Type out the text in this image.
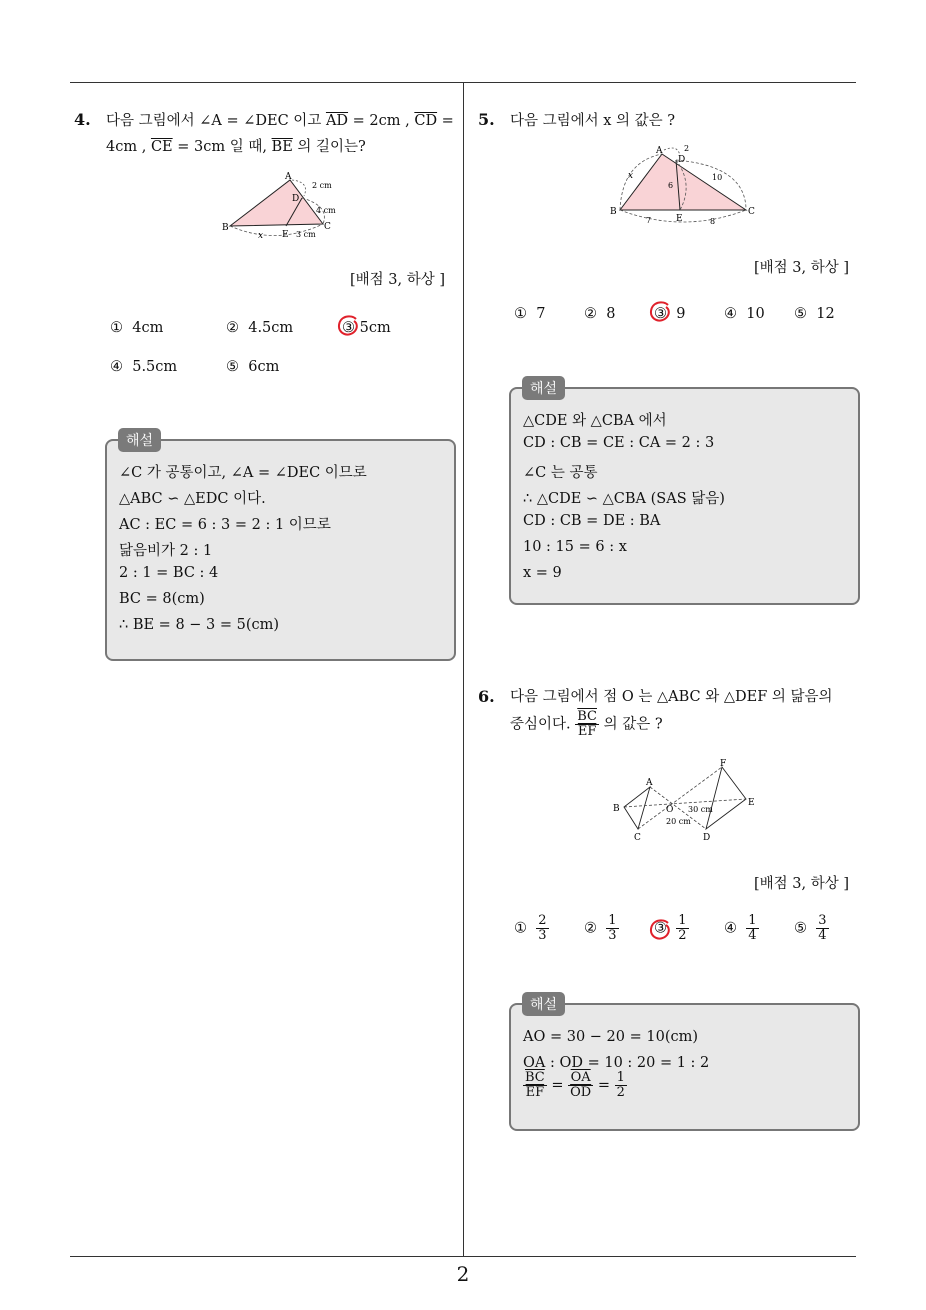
2
4. 다음 그림에서 ∠A = ∠DEC 이고 $\overline{AD} = 2cm$ , $\overline{CD}$ =
4cm , $\overline{CE} = 3cm$ 일 때, $\overline{BE}$ 의 길이는?
A
D
B
E
C
x
2 cm
4 cm
3 cm
[배점 3, 하상 ]
① 4cm	② 4.5cm	③ 5cm
④ 5.5cm	⑤ 6cm
∠C 가 공통이고, ∠A = ∠DEC 이므로
△ABC ∽ △EDC 이다.
AC : EC = 6 : 3 = 2 : 1 이므로
닮음비가 2 : 1
2 : 1 = BC : 4
BC = 8(cm)
∴ BE = 8 − 3 = 5(cm)
해설
5. 다음 그림에서 x 의 값은 ?
A
D
B
E
C
x
2
6
10
7	8
[배점 3, 하상 ]
① 7	② 8	③ 9	④ 10 ⑤ 12
△CDE 와 △CBA 에서
CD : CB = CE : CA = 2 : 3
∠C 는 공통
∴ △CDE ∽ △CBA (SAS 닮음)
CD : CB = DE : BA
10 : 15 = 6 : x
x = 9
해설
6. 다음 그림에서 점 O 는 △ABC 와 △DEF 의 닮음의
중심이다. $\frac{\overline{BC}}{EF}$ 의 값은 ?
A
B
C
O
D
E
F
30 cm
20 cm
[배점 3, 하상 ]
① $\frac{2}{3}$ ② $\frac{1}{3}$ ③ $\frac{1}{2}$ ④ $\frac{1}{4}$ ⑤ $\frac{3}{4}$
AO = 30 − 20 = 10(cm)
OA : OD = 10 : 20 = 1 : 2
$\frac{\overline{BC}}{EF} = \frac{\overline{OA}}{OD} = \frac{1}{2}$
해설
